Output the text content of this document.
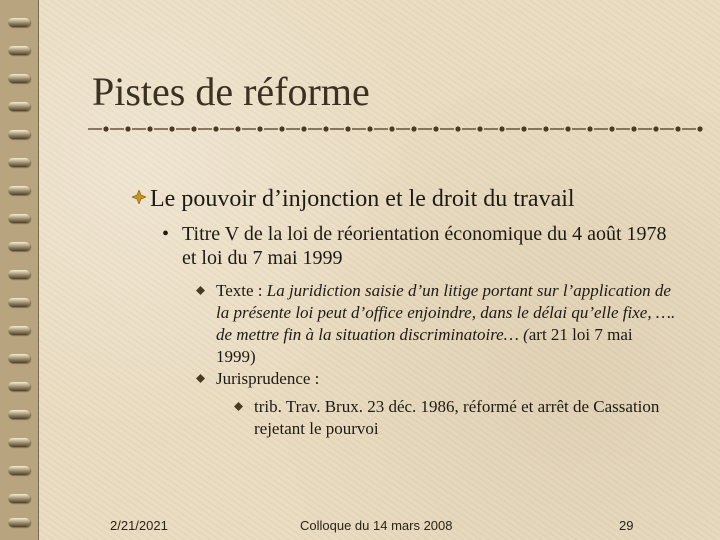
Pistes de réforme
Le pouvoir d’injonction et le droit du travail
• Titre V de la loi de réorientation économique du 4 août 1978 et loi du 7 mai 1999
Texte : La juridiction saisie d’un litige portant sur l’application de la présente loi peut d’office enjoindre, dans le délai qu’elle fixe, …. de mettre fin à la situation discriminatoire… (art 21 loi 7 mai 1999)
Jurisprudence :
trib. Trav. Brux. 23 déc. 1986, réformé et arrêt de Cassation rejetant le pourvoi
2/21/2021	Colloque du 14 mars 2008	29
